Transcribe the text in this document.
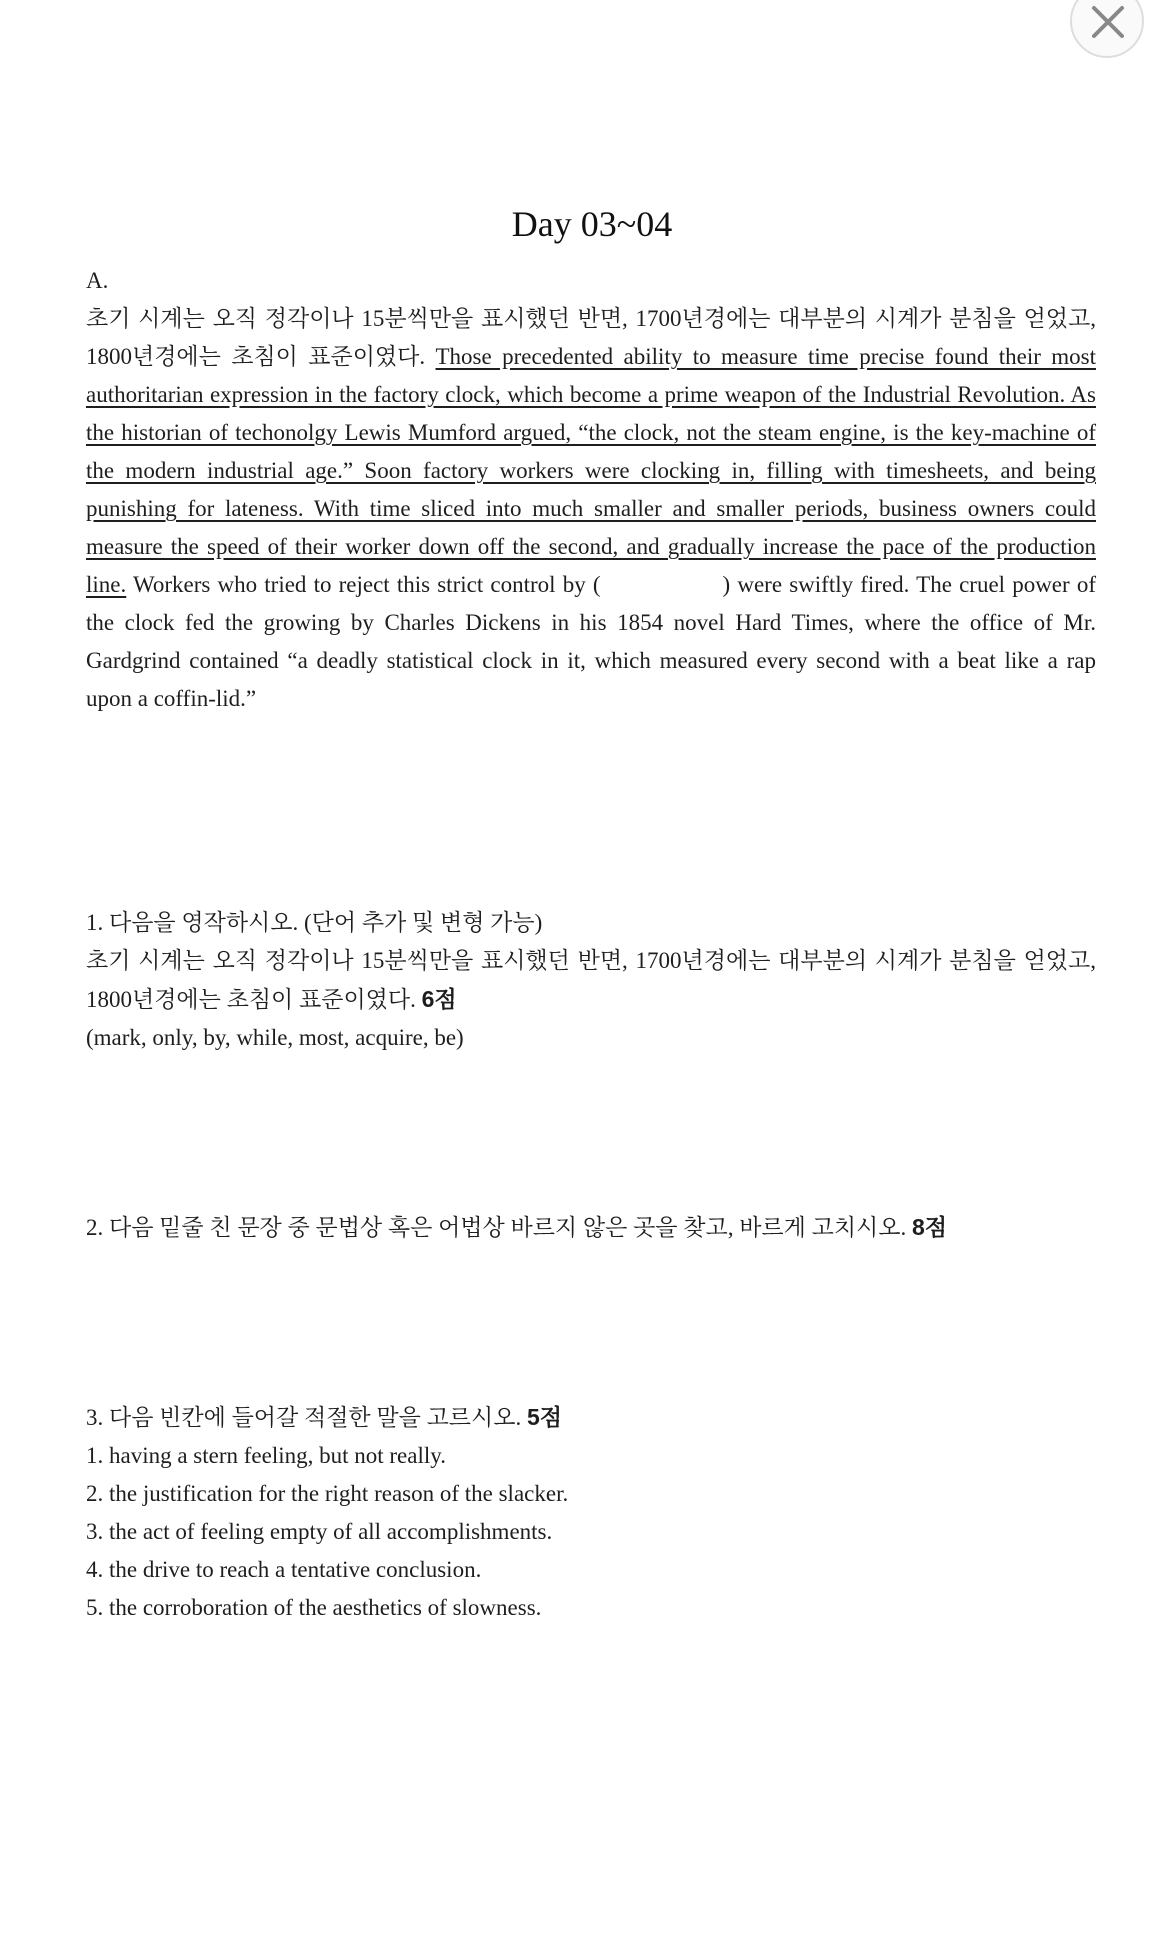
Day 03~04
A.
초기 시계는 오직 정각이나 15분씩만을 표시했던 반면, 1700년경에는 대부분의 시계가 분침을 얻었고, 1800년경에는 초침이 표준이였다. Those precedented ability to measure time precise found their most authoritarian expression in the factory clock, which become a prime weapon of the Industrial Revolution. As the historian of techonolgy Lewis Mumford argued, “the clock, not the steam engine, is the key-machine of the modern industrial age.” Soon factory workers were clocking in, filling with timesheets, and being punishing for lateness. With time sliced into much smaller and smaller periods, business owners could measure the speed of their worker down off the second, and gradually increase the pace of the production line. Workers who tried to reject this strict control by (	) were swiftly fired. The cruel power of the clock fed the growing by Charles Dickens in his 1854 novel Hard Times, where the office of Mr. Gardgrind contained “a deadly statistical clock in it, which measured every second with a beat like a rap upon a coffin-lid.”
1. 다음을 영작하시오. (단어 추가 및 변형 가능)
초기 시계는 오직 정각이나 15분씩만을 표시했던 반면, 1700년경에는 대부분의 시계가 분침을 얻었고, 1800년경에는 초침이 표준이였다. 6점
(mark, only, by, while, most, acquire, be)
2. 다음 밑줄 친 문장 중 문법상 혹은 어법상 바르지 않은 곳을 찾고, 바르게 고치시오. 8점
3. 다음 빈칸에 들어갈 적절한 말을 고르시오. 5점
1. having a stern feeling, but not really.
2. the justification for the right reason of the slacker.
3. the act of feeling empty of all accomplishments.
4. the drive to reach a tentative conclusion.
5. the corroboration of the aesthetics of slowness.
